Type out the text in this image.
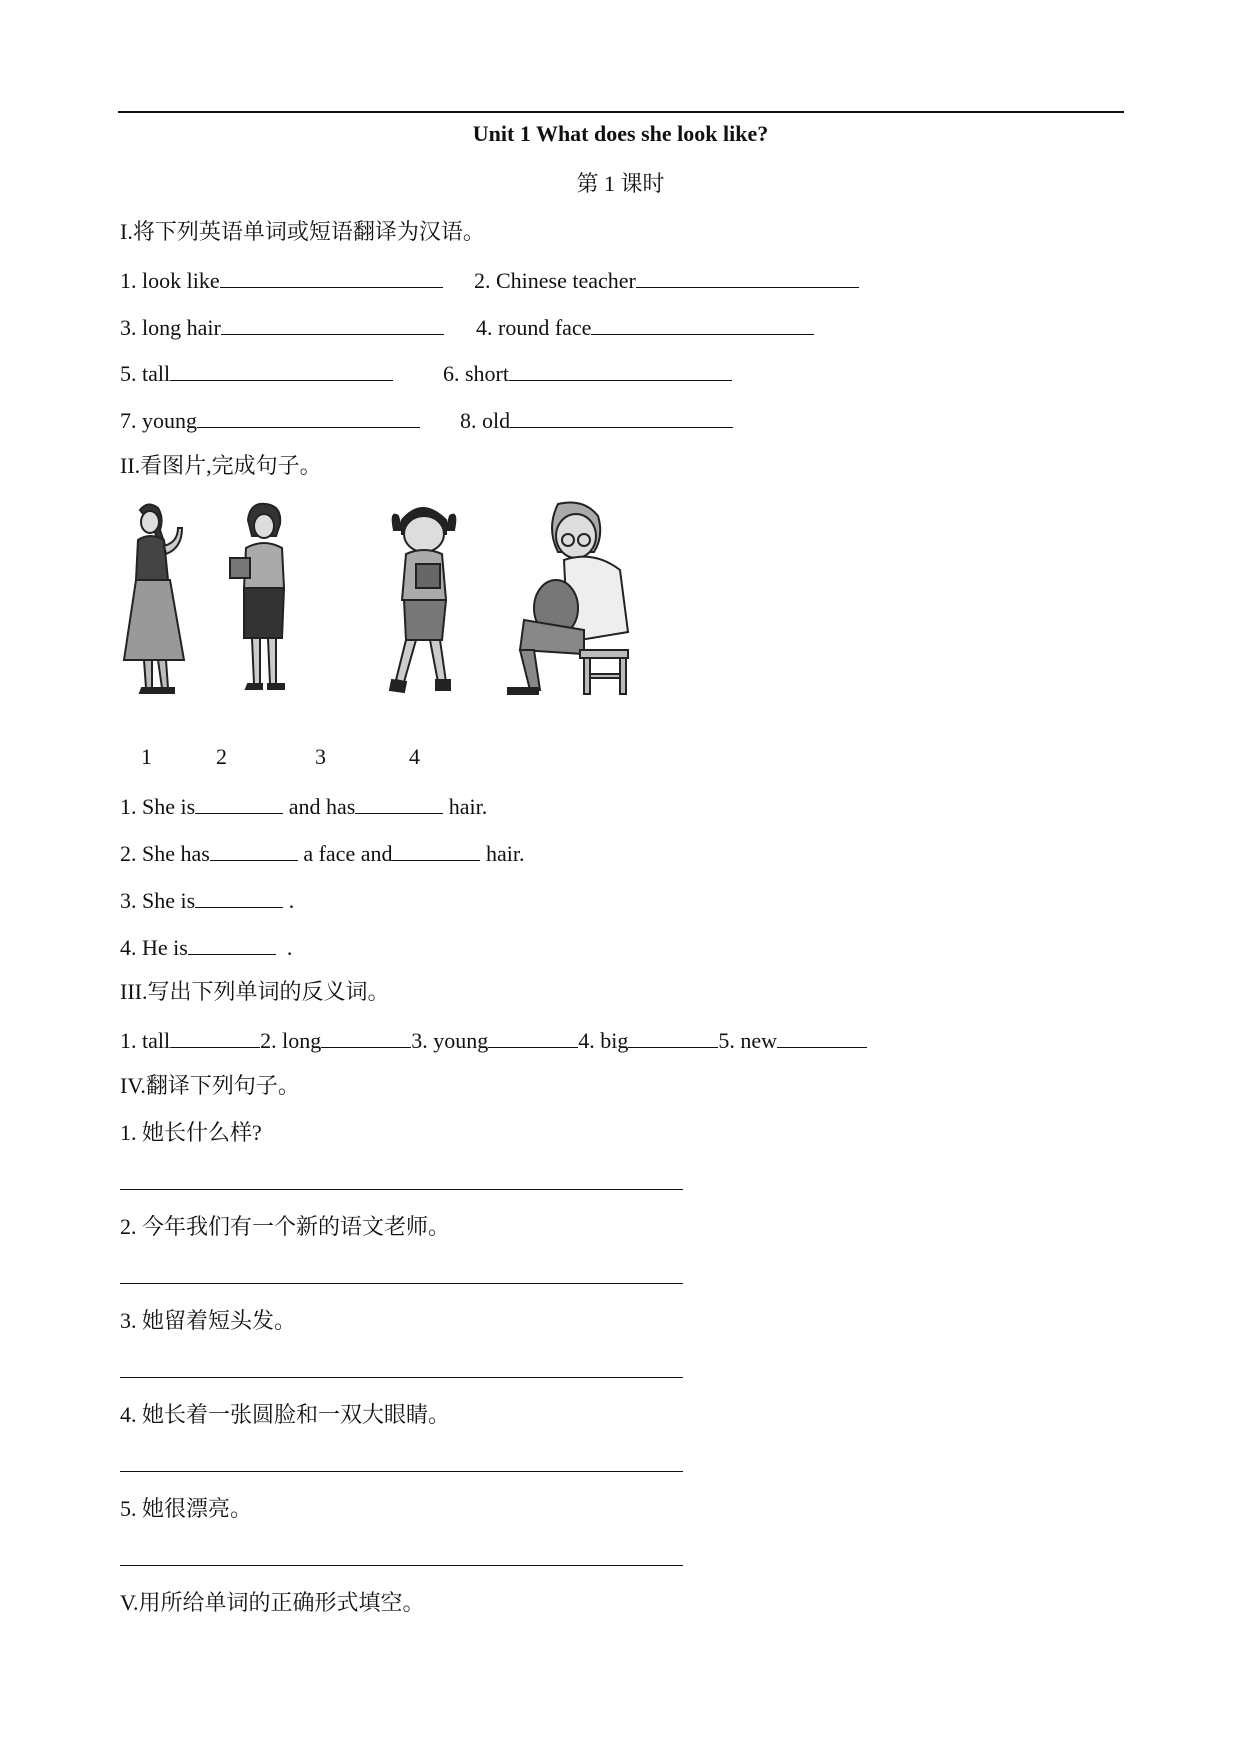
Unit 1 What does she look like?
第 1 课时
I.将下列英语单词或短语翻译为汉语。
1. look like	2. Chinese teacher
3. long hair	4. round face
5. tall	6. short
7. young	8. old
II.看图片,完成句子。
1	2	3	4
1. She is	and has	hair.
2. She has	a face and	hair.
3. She is	.
4. He is	.
III.写出下列单词的反义词。
1. tall	2. long	3. young	4. big	5. new
IV.翻译下列句子。
1. 她长什么样?
2. 今年我们有一个新的语文老师。
3. 她留着短头发。
4. 她长着一张圆脸和一双大眼睛。
5. 她很漂亮。
V.用所给单词的正确形式填空。
